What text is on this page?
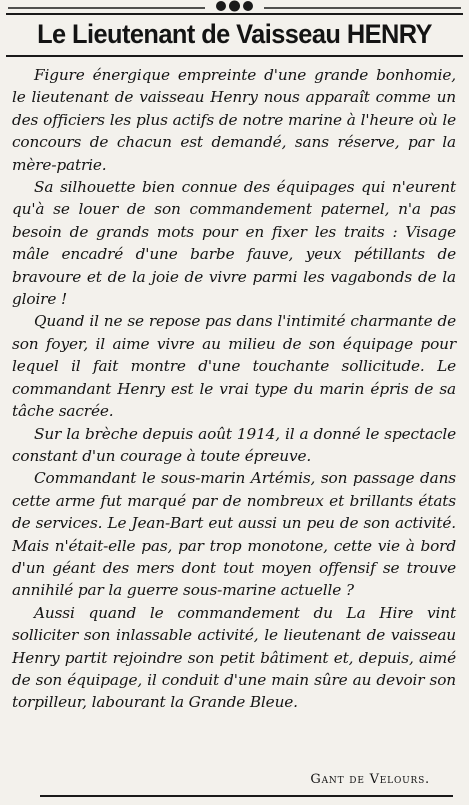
Le Lieutenant de Vaisseau HENRY

Figure énergique empreinte d'une grande bonhomie, le lieutenant de vaisseau Henry nous apparaît comme un des officiers les plus actifs de notre marine à l'heure où le concours de chacun est demandé, sans réserve, par la mère-patrie.

Sa silhouette bien connue des équipages qui n'eurent qu'à se louer de son commandement paternel, n'a pas besoin de grands mots pour en fixer les traits : Visage mâle encadré d'une barbe fauve, yeux pétillants de bravoure et de la joie de vivre parmi les vagabonds de la gloire !

Quand il ne se repose pas dans l'intimité charmante de son foyer, il aime vivre au milieu de son équipage pour lequel il fait montre d'une touchante sollicitude. Le commandant Henry est le vrai type du marin épris de sa tâche sacrée.

Sur la brèche depuis août 1914, il a donné le spectacle constant d'un courage à toute épreuve.

Commandant le sous-marin Artémis, son passage dans cette arme fut marqué par de nombreux et brillants états de services. Le Jean-Bart eut aussi un peu de son activité. Mais n'était-elle pas, par trop monotone, cette vie à bord d'un géant des mers dont tout moyen offensif se trouve annihilé par la guerre sous-marine actuelle ?

Aussi quand le commandement du La Hire vint solliciter son inlassable activité, le lieutenant de vaisseau Henry partit rejoindre son petit bâtiment et, depuis, aimé de son équipage, il conduit d'une main sûre au devoir son torpilleur, labourant la Grande Bleue.

Gant de Velours.
